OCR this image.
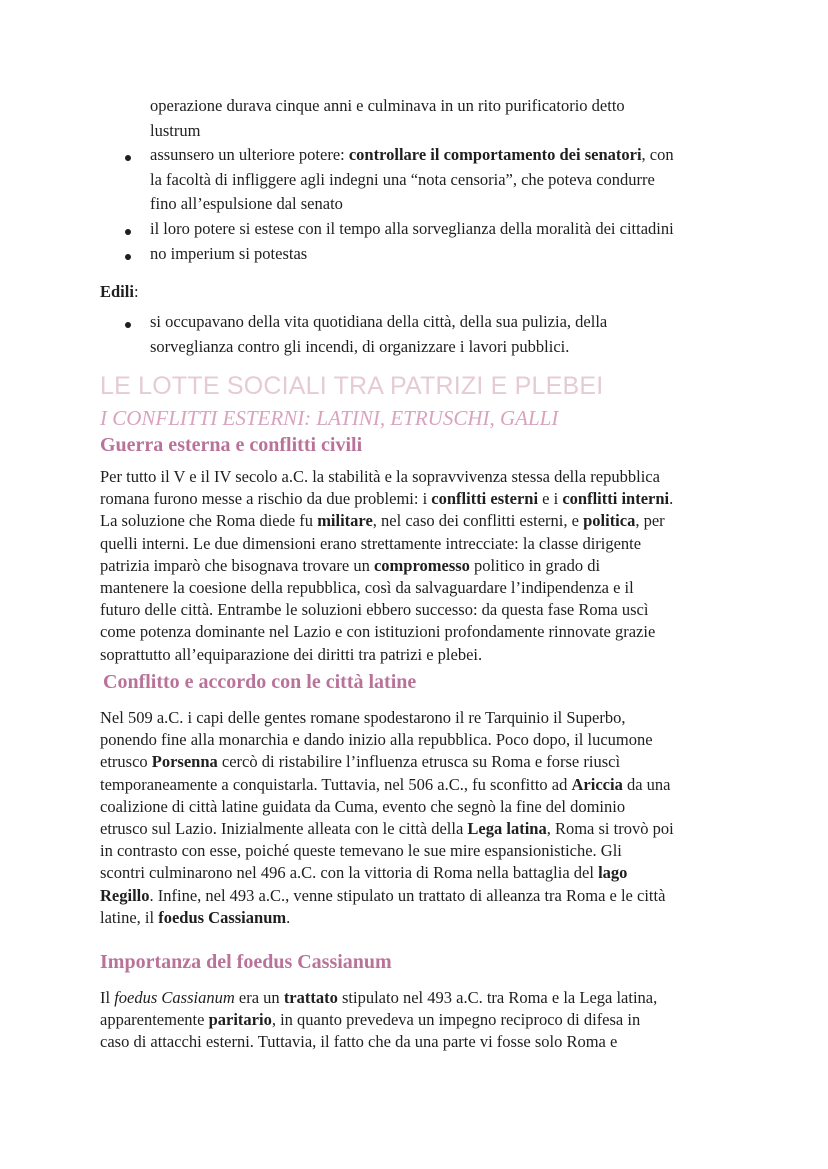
LE LOTTE SOCIALI TRA PATRIZI E PLEBEI
I CONFLITTI ESTERNI: LATINI, ETRUSCHI, GALLI
Guerra esterna e conflitti civili
Conflitto e accordo con le città latine
Importanza del foedus Cassianum
operazione durava cinque anni e culminava in un rito purificatorio detto
lustrum
assunsero un ulteriore potere: controllare il comportamento dei senatori, con
la facoltà di infliggere agli indegni una “nota censoria”, che poteva condurre
fino all’espulsione dal senato
il loro potere si estese con il tempo alla sorveglianza della moralità dei cittadini
no imperium si potestas
Edili:
si occupavano della vita quotidiana della città, della sua pulizia, della
sorveglianza contro gli incendi, di organizzare i lavori pubblici.
Per tutto il V e il IV secolo a.C. la stabilità e la sopravvivenza stessa della repubblica
romana furono messe a rischio da due problemi: i conflitti esterni e i conflitti interni.
La soluzione che Roma diede fu militare, nel caso dei conflitti esterni, e politica, per
quelli interni. Le due dimensioni erano strettamente intrecciate: la classe dirigente
patrizia imparò che bisognava trovare un compromesso politico in grado di
mantenere la coesione della repubblica, così da salvaguardare l’indipendenza e il
futuro delle città. Entrambe le soluzioni ebbero successo: da questa fase Roma uscì
come potenza dominante nel Lazio e con istituzioni profondamente rinnovate grazie
soprattutto all’equiparazione dei diritti tra patrizi e plebei.
Nel 509 a.C. i capi delle gentes romane spodestarono il re Tarquinio il Superbo,
ponendo fine alla monarchia e dando inizio alla repubblica. Poco dopo, il lucumone
etrusco Porsenna cercò di ristabilire l’influenza etrusca su Roma e forse riuscì
temporaneamente a conquistarla. Tuttavia, nel 506 a.C., fu sconfitto ad Ariccia da una
coalizione di città latine guidata da Cuma, evento che segnò la fine del dominio
etrusco sul Lazio. Inizialmente alleata con le città della Lega latina, Roma si trovò poi
in contrasto con esse, poiché queste temevano le sue mire espansionistiche. Gli
scontri culminarono nel 496 a.C. con la vittoria di Roma nella battaglia del lago
Regillo. Infine, nel 493 a.C., venne stipulato un trattato di alleanza tra Roma e le città
latine, il foedus Cassianum.
Il foedus Cassianum era un trattato stipulato nel 493 a.C. tra Roma e la Lega latina,
apparentemente paritario, in quanto prevedeva un impegno reciproco di difesa in
caso di attacchi esterni. Tuttavia, il fatto che da una parte vi fosse solo Roma e
